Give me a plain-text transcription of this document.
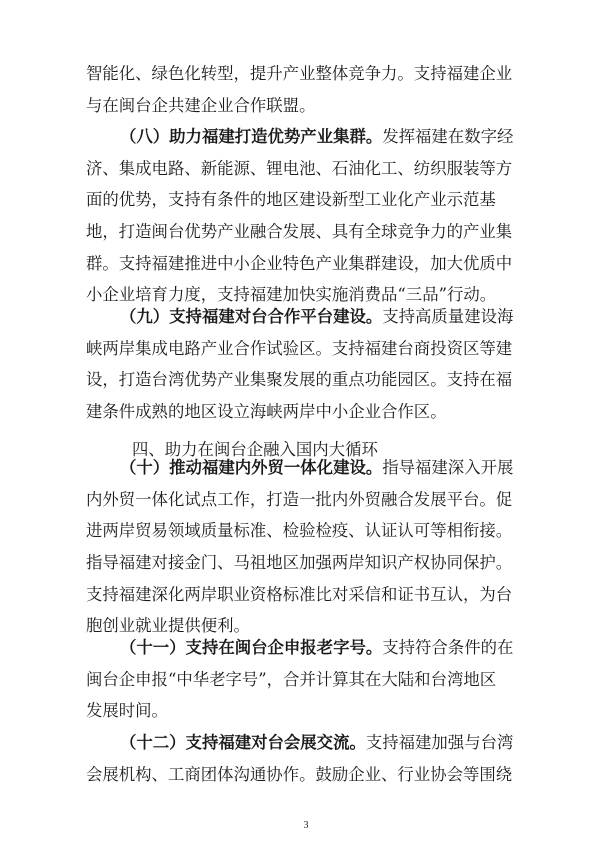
智能化、绿色化转型，提升产业整体竞争力。支持福建企业
与在闽台企共建企业合作联盟。
（八）助力福建打造优势产业集群。 发挥福建在数字经
济、集成电路、新能源、锂电池、石油化工、纺织服装等方
面的优势，支持有条件的地区建设新型工业化产业示范基
地，打造闽台优势产业融合发展、具有全球竞争力的产业集
群。支持福建推进中小企业特色产业集群建设，加大优质中
小企业培育力度，支持福建加快实施消费品“三品”行动。
（九）支持福建对台合作平台建设。 支持高质量建设海
峡两岸集成电路产业合作试验区。支持福建台商投资区等建
设，打造台湾优势产业集聚发展的重点功能园区。支持在福
建条件成熟的地区设立海峡两岸中小企业合作区。
四、助力在闽台企融入国内大循环
（十）推动福建内外贸一体化建设。 指导福建深入开展
内外贸一体化试点工作，打造一批内外贸融合发展平台。促
进两岸贸易领域质量标准、检验检疫、认证认可等相衔接。
指导福建对接金门、马祖地区加强两岸知识产权协同保护。
支持福建深化两岸职业资格标准比对采信和证书互认，为台
胞创业就业提供便利。
（十一）支持在闽台企申报老字号。 支持符合条件的在
闽台企申报“中华老字号”，合并计算其在大陆和台湾地区
发展时间。
（十二）支持福建对台会展交流。 支持福建加强与台湾
会展机构、工商团体沟通协作。鼓励企业、行业协会等围绕
3
